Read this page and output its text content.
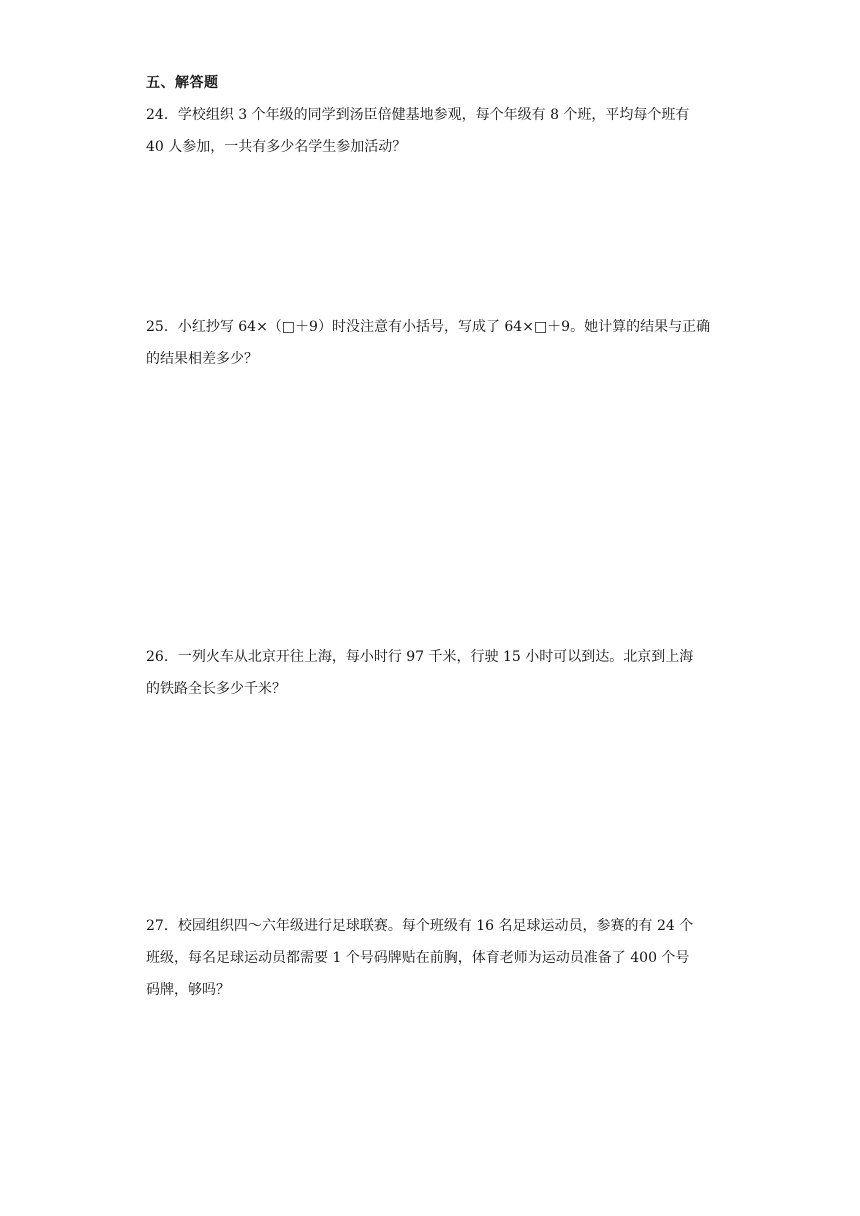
五、解答题
24．学校组织 3 个年级的同学到汤臣倍健基地参观，每个年级有 8 个班，平均每个班有
40 人参加，一共有多少名学生参加活动？
25．小红抄写 64×（□＋9）时没注意有小括号，写成了 64×□＋9。她计算的结果与正确
的结果相差多少？
26．一列火车从北京开往上海，每小时行 97 千米，行驶 15 小时可以到达。北京到上海
的铁路全长多少千米？
27．校园组织四～六年级进行足球联赛。每个班级有 16 名足球运动员，参赛的有 24 个
班级，每名足球运动员都需要 1 个号码牌贴在前胸，体育老师为运动员准备了 400 个号
码牌，够吗？
